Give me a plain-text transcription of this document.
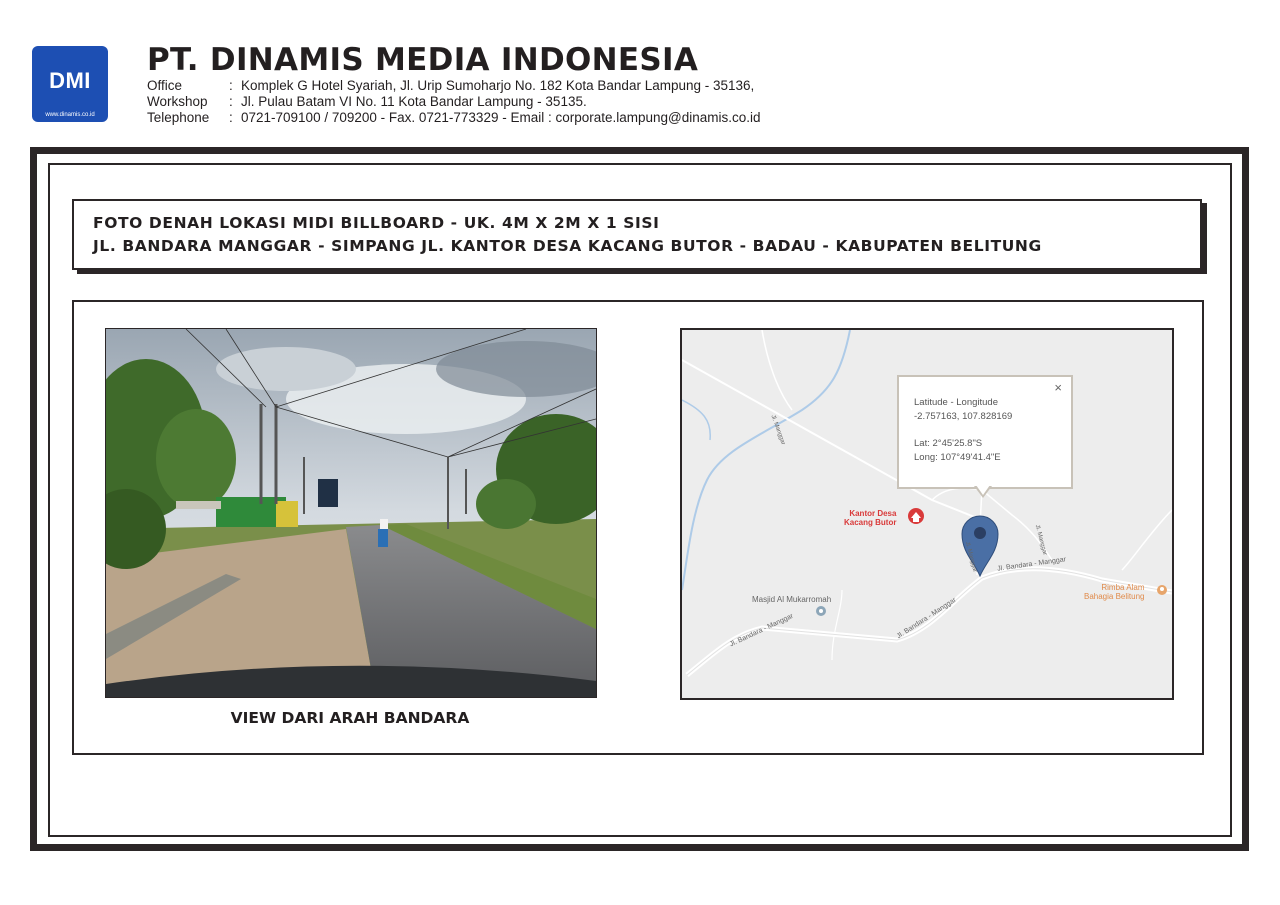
DMI
www.dinamis.co.id
PT. DINAMIS MEDIA INDONESIA
Office	: Komplek G Hotel Syariah, Jl. Urip Sumoharjo No. 182 Kota Bandar Lampung - 35136,
Workshop	: Jl. Pulau Batam VI No. 11 Kota Bandar Lampung - 35135.
Telephone	: 0721-709100 / 709200 - Fax. 0721-773329 - Email : corporate.lampung@dinamis.co.id
FOTO DENAH LOKASI MIDI BILLBOARD - UK. 4M X 2M X 1 SISI
JL. BANDARA MANGGAR - SIMPANG JL. KANTOR DESA KACANG BUTOR - BADAU - KABUPATEN BELITUNG
VIEW DARI ARAH BANDARA
Jl. Manggar
Jl. Manggar
Jl. Manggar
Jl. Bandara - Manggar	Jl. Bandara - Manggar
Jl. Bandara - Manggar
Kantor Desa
Kacang Butor
Masjid Al Mukarromah
Rimba Alam
Bahagia Belitung
×
Latitude - Longitude
-2.757163, 107.828169
Lat: 2°45'25.8"S
Long: 107°49'41.4"E
